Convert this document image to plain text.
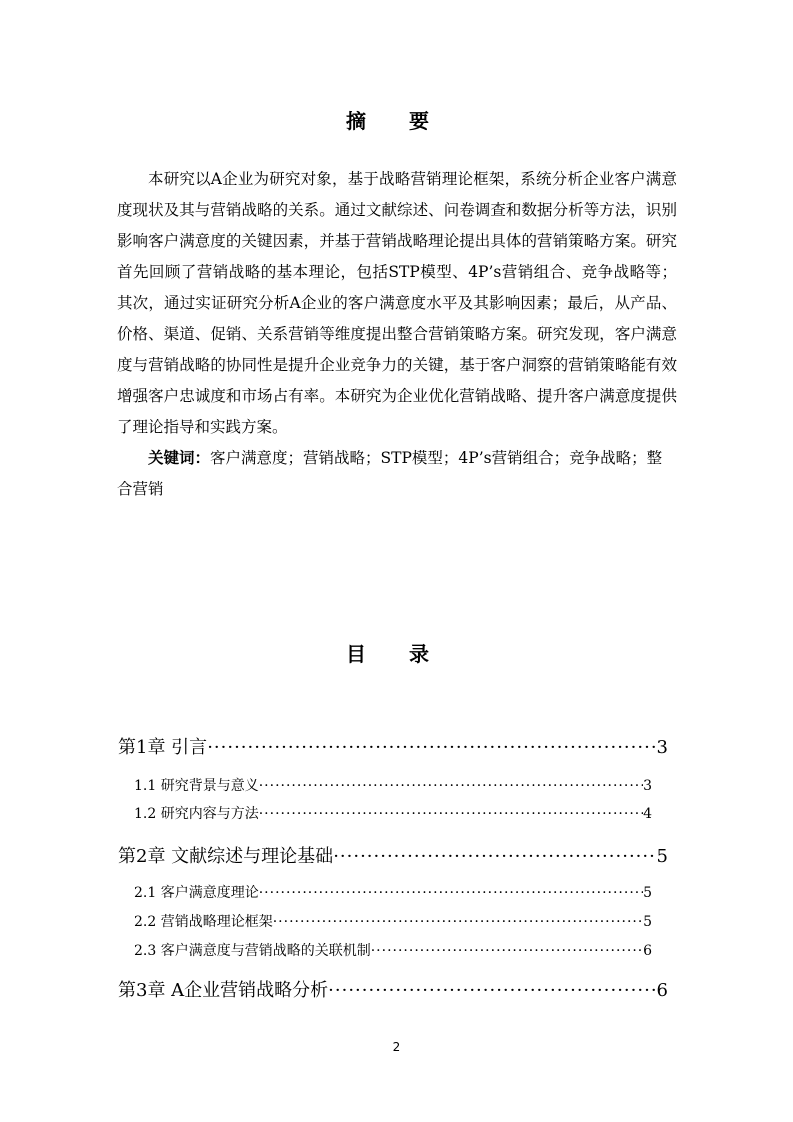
摘 要

本研究以A企业为研究对象，基于战略营销理论框架，系统分析企业客户满意度现状及其与营销战略的关系。通过文献综述、问卷调查和数据分析等方法，识别影响客户满意度的关键因素，并基于营销战略理论提出具体的营销策略方案。研究首先回顾了营销战略的基本理论，包括STP模型、4P’s营销组合、竞争战略等；其次，通过实证研究分析A企业的客户满意度水平及其影响因素；最后，从产品、价格、渠道、促销、关系营销等维度提出整合营销策略方案。研究发现，客户满意度与营销战略的协同性是提升企业竞争力的关键，基于客户洞察的营销策略能有效增强客户忠诚度和市场占有率。本研究为企业优化营销战略、提升客户满意度提供了理论指导和实践方案。

关键词：客户满意度；营销战略；STP模型；4P’s营销组合；竞争战略；整合营销

目 录
第1章 引言 ·····	3
1.1 研究背景与意义 ·····	3
1.2 研究内容与方法 ·····	4
第2章 文献综述与理论基础 ·····	5
2.1 客户满意度理论 ·····	5
2.2 营销战略理论框架 ·····	5
2.3 客户满意度与营销战略的关联机制 ·····	6
第3章 A企业营销战略分析 ·····	6
2
